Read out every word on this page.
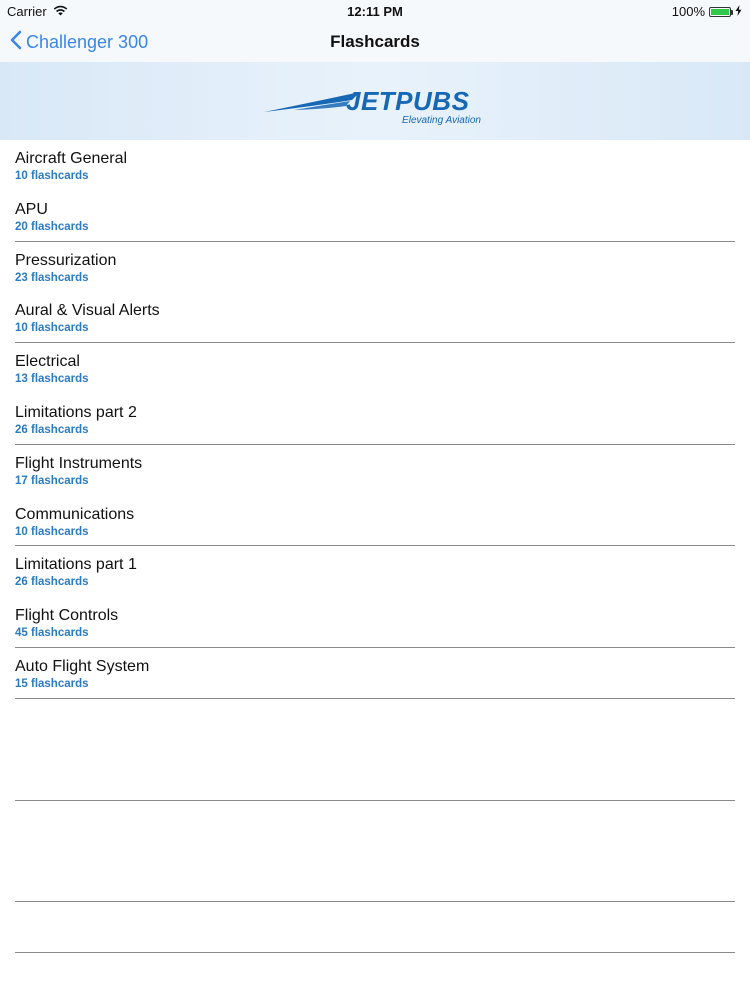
Carrier	12:11 PM	100%
Challenger 300	Flashcards
JETPUBS
Elevating Aviation
Aircraft General
10 flashcards
APU
20 flashcards
Pressurization
23 flashcards
Aural & Visual Alerts
10 flashcards
Electrical
13 flashcards
Limitations part 2
26 flashcards
Flight Instruments
17 flashcards
Communications
10 flashcards
Limitations part 1
26 flashcards
Flight Controls
45 flashcards
Auto Flight System
15 flashcards
